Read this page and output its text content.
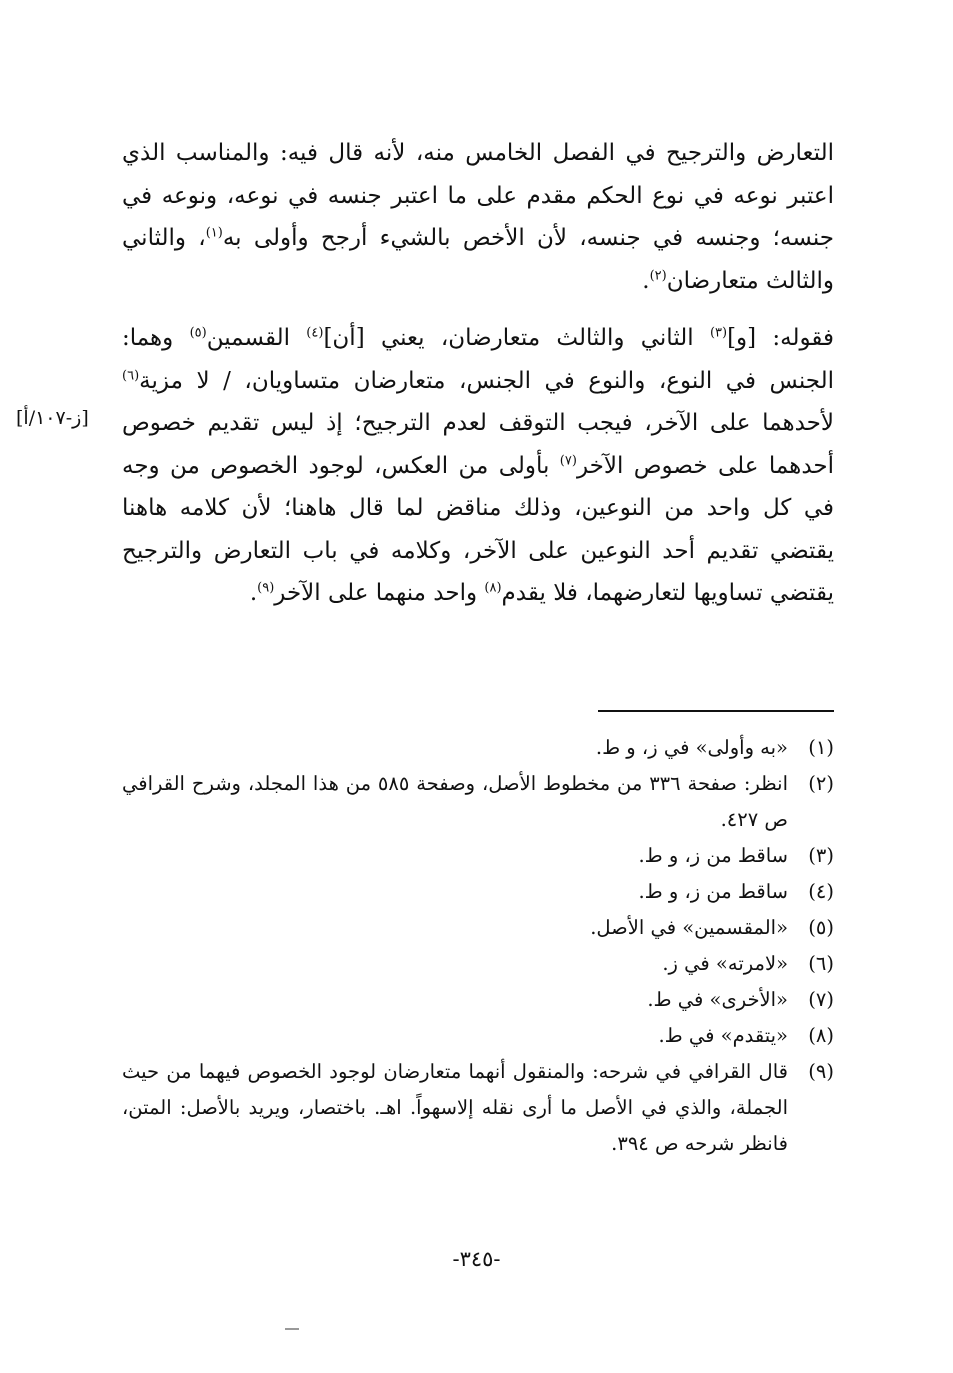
التعارض والترجيح في الفصل الخامس منه، لأنه قال فيه: والمناسب الذي اعتبر نوعه في نوع الحكم مقدم على ما اعتبر جنسه في نوعه، ونوعه في جنسه؛ وجنسه في جنسه، لأن الأخص بالشيء أرجح وأولى به$^{(١)}$، والثاني والثالث متعارضان$^{(٢)}$.

فقوله: [و]$^{(٣)}$ الثاني والثالث متعارضان، يعني [أن]$^{(٤)}$ القسمين$^{(٥)}$ وهما: الجنس في النوع، والنوع في الجنس، متعارضان متساويان، / لا مزية$^{(٦)}$ لأحدهما على الآخر، فيجب التوقف لعدم الترجيح؛ إذ ليس تقديم خصوص أحدهما على خصوص الآخر$^{(٧)}$ بأولى من العكس، لوجود الخصوص من وجه في كل واحد من النوعين، وذلك مناقض لما قال هاهنا؛ لأن كلامه هاهنا يقتضي تقديم أحد النوعين على الآخر، وكلامه في باب التعارض والترجيح يقتضي تساويها لتعارضهما، فلا يقدم$^{(٨)}$ واحد منهما على الآخر$^{(٩)}$.

[ز-١٠٧/أ]
(١)
«به وأولى» في ز، و ط.
(٢)
انظر: صفحة ٣٣٦ من مخطوط الأصل، وصفحة ٥٨٥ من هذا المجلد، وشرح القرافي ص ٤٢٧.
(٣)
ساقط من ز، و ط.
(٤)
ساقط من ز، و ط.
(٥)
«المقسمين» في الأصل.
(٦)
«لامرته» في ز.
(٧)
«الأخرى» في ط.
(٨)
«يتقدم» في ط.
(٩)
قال القرافي في شرحه: والمنقول أنهما متعارضان لوجود الخصوص فيهما من حيث الجملة، والذي في الأصل ما أرى نقله إلاسهواً. اهـ. باختصار، ويريد بالأصل: المتن، فانظر شرحه ص ٣٩٤.
-٣٤٥-
